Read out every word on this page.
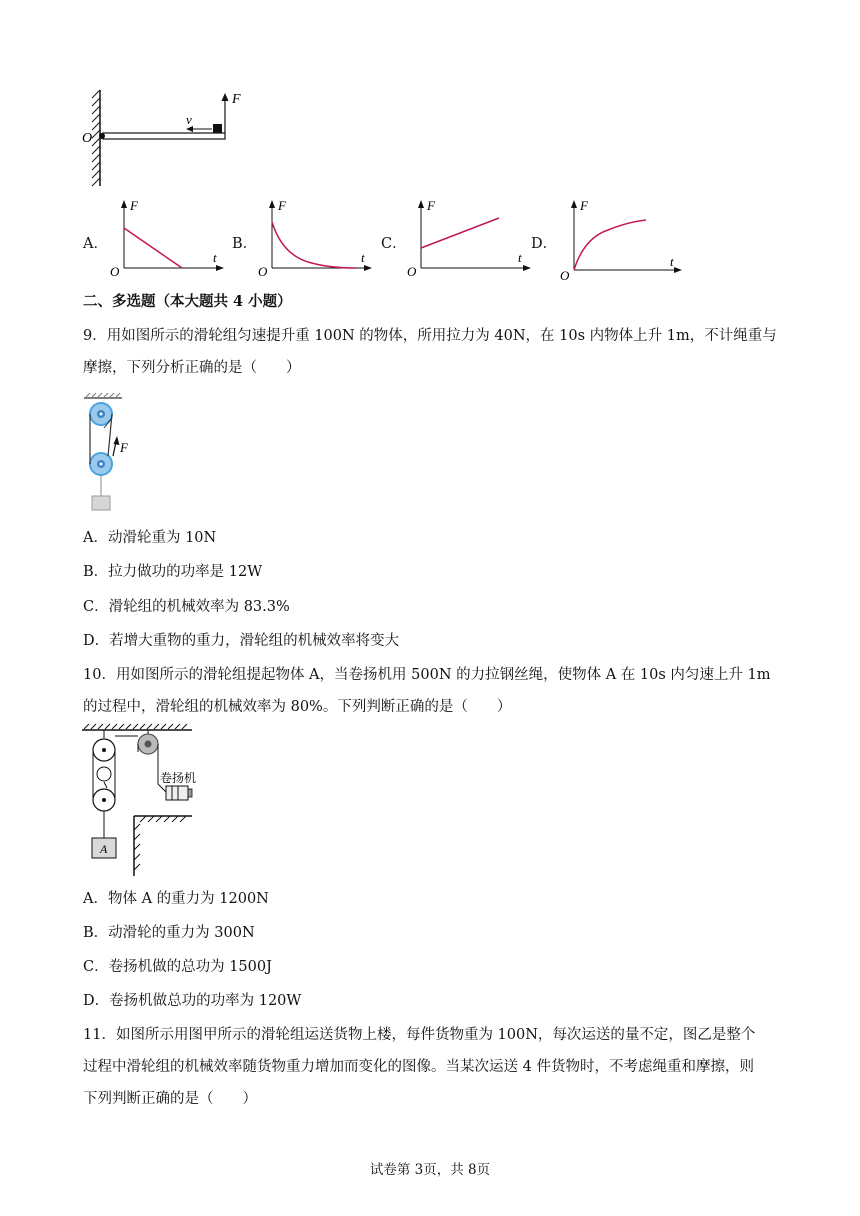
F
v
O
A．
F
t
O
B．
F
t
O
C．
F
t
O
D．
F
t
O
二、多选题（本大题共 4 小题）
9．用如图所示的滑轮组匀速提升重 100N 的物体，所用拉力为 40N，在 10s 内物体上升 1m，不计绳重与
摩擦，下列分析正确的是（　　）
F
A．动滑轮重为 10N
B．拉力做功的功率是 12W
C．滑轮组的机械效率为 83.3%
D．若增大重物的重力，滑轮组的机械效率将变大
10．用如图所示的滑轮组提起物体 A，当卷扬机用 500N 的力拉钢丝绳，使物体 A 在 10s 内匀速上升 1m
的过程中，滑轮组的机械效率为 80%。下列判断正确的是（　　）
A
卷扬机
A．物体 A 的重力为 1200N
B．动滑轮的重力为 300N
C．卷扬机做的总功为 1500J
D．卷扬机做总功的功率为 120W
11．如图所示用图甲所示的滑轮组运送货物上楼，每件货物重为 100N，每次运送的量不定，图乙是整个
过程中滑轮组的机械效率随货物重力增加而变化的图像。当某次运送 4 件货物时，不考虑绳重和摩擦，则
下列判断正确的是（　　）
试卷第 3页，共 8页
